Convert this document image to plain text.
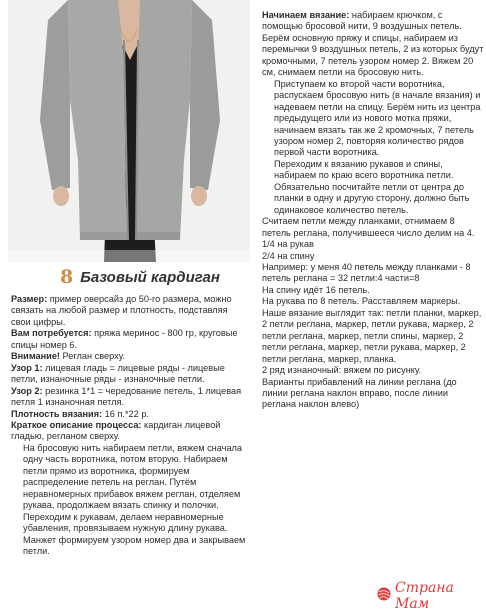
8 Базовый кардиган

Размер: пример оверсайз до 50-го размера, можно связать на любой размер и плотность, подставляя свои цифры.

Вам потребуется: пряжа меринос - 800 гр, круговые спицы номер 6.

Внимание! Реглан сверху.

Узор 1: лицевая гладь = лицевые ряды - лицевые петли, изнаночные ряды - изнаночные петли.

Узор 2: резинка 1*1 = чередование петель, 1 лицевая петля 1 изнаночная петля.

Плотность вязания: 16 п.*22 р.

Краткое описание процесса: кардиган лицевой гладью, регланом сверху.

На бросовую нить набираем петли, вяжем сначала одну часть воротника, потом вторую. Набираем петли прямо из воротника, формируем распределение петель на реглан. Путём неравномерных прибавок вяжем реглан, отделяем рукава, продолжаем вязать спинку и полочки.

Переходим к рукавам, делаем неравномерные убавления, провязываем нужную длину рукава. Манжет формируем узором номер два и закрываем петли.

Начинаем вязание: набираем крючком, с помощью бросовой нити, 9 воздушных петель. Берём основную пряжу и спицы, набираем из перемычки 9 воздушных петель, 2 из которых будут кромочными, 7 петель узором номер 2. Вяжем 20 см, снимаем петли на бросовую нить.

Приступаем ко второй части воротника, распускаем бросовую нить (в начале вязания) и надеваем петли на спицу. Берём нить из центра предыдущего или из нового мотка пряжи, начинаем вязать так же 2 кромочных, 7 петель узором номер 2, повторяя количество рядов первой части воротника.

Переходим к вязанию рукавов и спины, набираем по краю всего воротника петли. Обязательно посчитайте петли от центра до планки в одну и другую сторону, должно быть одинаковое количество петель.

Считаем петли между планками, отнимаем 8 петель реглана, получившееся число делим на 4.

1/4 на рукав

2/4 на спину

Например: у меня 40 петель между планками - 8 петель реглана = 32 петли:4 части=8

На спину идёт 16 петель.

На рукава по 8 петель. Расставляем маркеры.

Наше вязание выглядит так: петли планки, маркер, 2 петли реглана, маркер, петли рукава, маркер, 2 петли реглана, маркер, петли спины, маркер, 2 петли реглана, маркер, петли рукава, маркер, 2 петли реглана, маркер, планка.

2 ряд изнаночный: вяжем по рисунку.

Варианты прибавлений на линии реглана (до линии реглана наклон вправо, после линии реглана наклон влево)

Страна Мам
